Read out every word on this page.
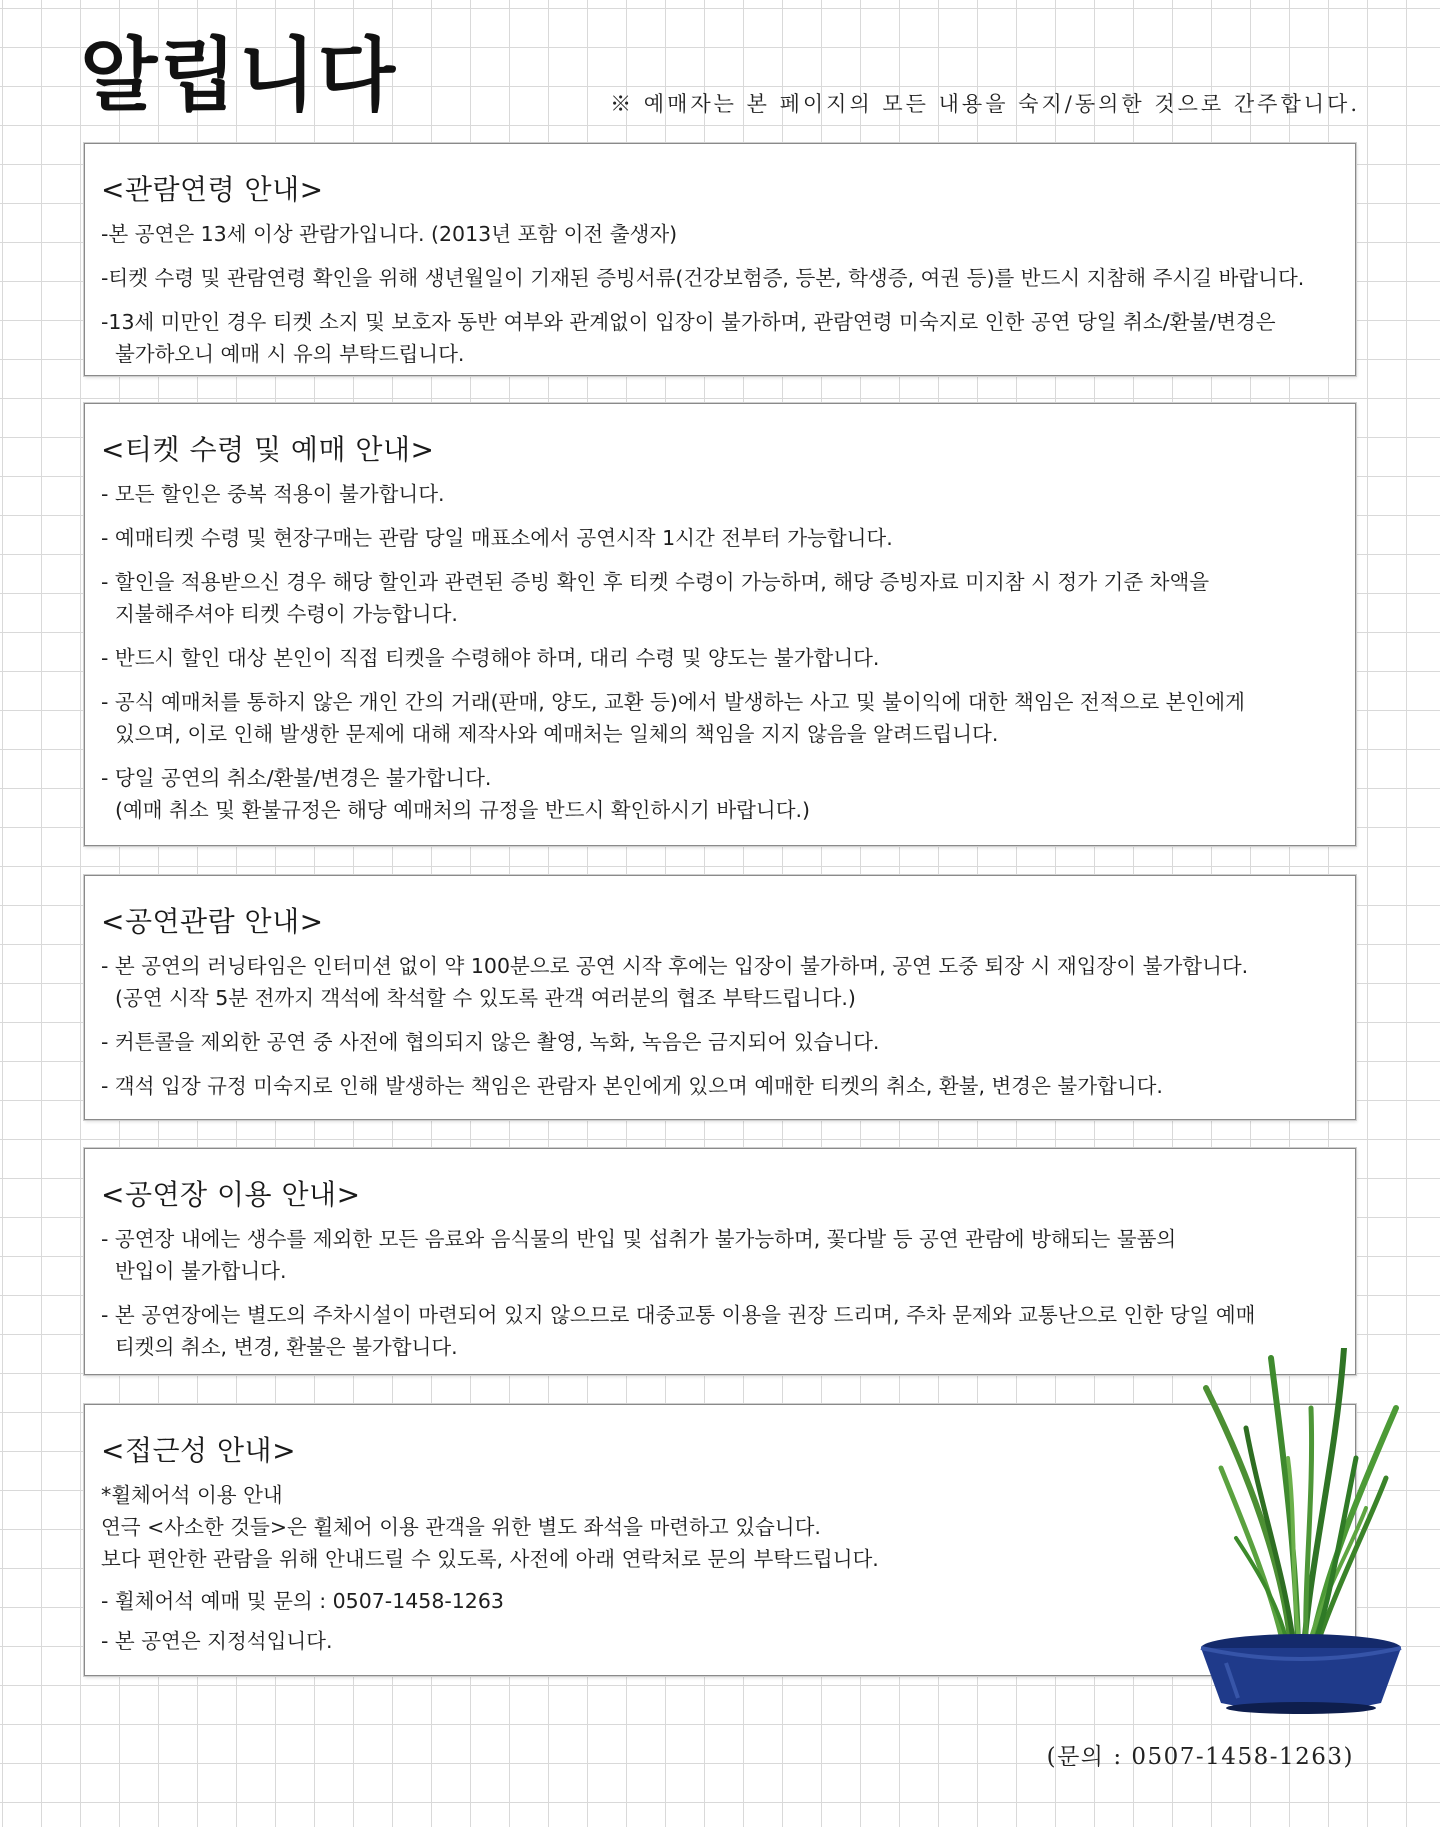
알립니다	※ 예매자는 본 페이지의 모든 내용을 숙지/동의한 것으로 간주합니다.
<관람연령 안내>
-본 공연은 13세 이상 관람가입니다. (2013년 포함 이전 출생자)
-티켓 수령 및 관람연령 확인을 위해 생년월일이 기재된 증빙서류(건강보험증, 등본, 학생증, 여권 등)를 반드시 지참해 주시길 바랍니다.
-13세 미만인 경우 티켓 소지 및 보호자 동반 여부와 관계없이 입장이 불가하며, 관람연령 미숙지로 인한 공연 당일 취소/환불/변경은
불가하오니 예매 시 유의 부탁드립니다.
<티켓 수령 및 예매 안내>
- 모든 할인은 중복 적용이 불가합니다.
- 예매티켓 수령 및 현장구매는 관람 당일 매표소에서 공연시작 1시간 전부터 가능합니다.
- 할인을 적용받으신 경우 해당 할인과 관련된 증빙 확인 후 티켓 수령이 가능하며, 해당 증빙자료 미지참 시 정가 기준 차액을
지불해주셔야 티켓 수령이 가능합니다.
- 반드시 할인 대상 본인이 직접 티켓을 수령해야 하며, 대리 수령 및 양도는 불가합니다.
- 공식 예매처를 통하지 않은 개인 간의 거래(판매, 양도, 교환 등)에서 발생하는 사고 및 불이익에 대한 책임은 전적으로 본인에게
있으며, 이로 인해 발생한 문제에 대해 제작사와 예매처는 일체의 책임을 지지 않음을 알려드립니다.
- 당일 공연의 취소/환불/변경은 불가합니다.
(예매 취소 및 환불규정은 해당 예매처의 규정을 반드시 확인하시기 바랍니다.)
<공연관람 안내>
- 본 공연의 러닝타임은 인터미션 없이 약 100분으로 공연 시작 후에는 입장이 불가하며, 공연 도중 퇴장 시 재입장이 불가합니다.
(공연 시작 5분 전까지 객석에 착석할 수 있도록 관객 여러분의 협조 부탁드립니다.)
- 커튼콜을 제외한 공연 중 사전에 협의되지 않은 촬영, 녹화, 녹음은 금지되어 있습니다.
- 객석 입장 규정 미숙지로 인해 발생하는 책임은 관람자 본인에게 있으며 예매한 티켓의 취소, 환불, 변경은 불가합니다.
<공연장 이용 안내>
- 공연장 내에는 생수를 제외한 모든 음료와 음식물의 반입 및 섭취가 불가능하며, 꽃다발 등 공연 관람에 방해되는 물품의
반입이 불가합니다.
- 본 공연장에는 별도의 주차시설이 마련되어 있지 않으므로 대중교통 이용을 권장 드리며, 주차 문제와 교통난으로 인한 당일 예매
티켓의 취소, 변경, 환불은 불가합니다.
<접근성 안내>
*휠체어석 이용 안내
연극 <사소한 것들>은 휠체어 이용 관객을 위한 별도 좌석을 마련하고 있습니다.
보다 편안한 관람을 위해 안내드릴 수 있도록, 사전에 아래 연락처로 문의 부탁드립니다.
- 휠체어석 예매 및 문의 : 0507-1458-1263
- 본 공연은 지정석입니다.
(문의 : 0507-1458-1263)
